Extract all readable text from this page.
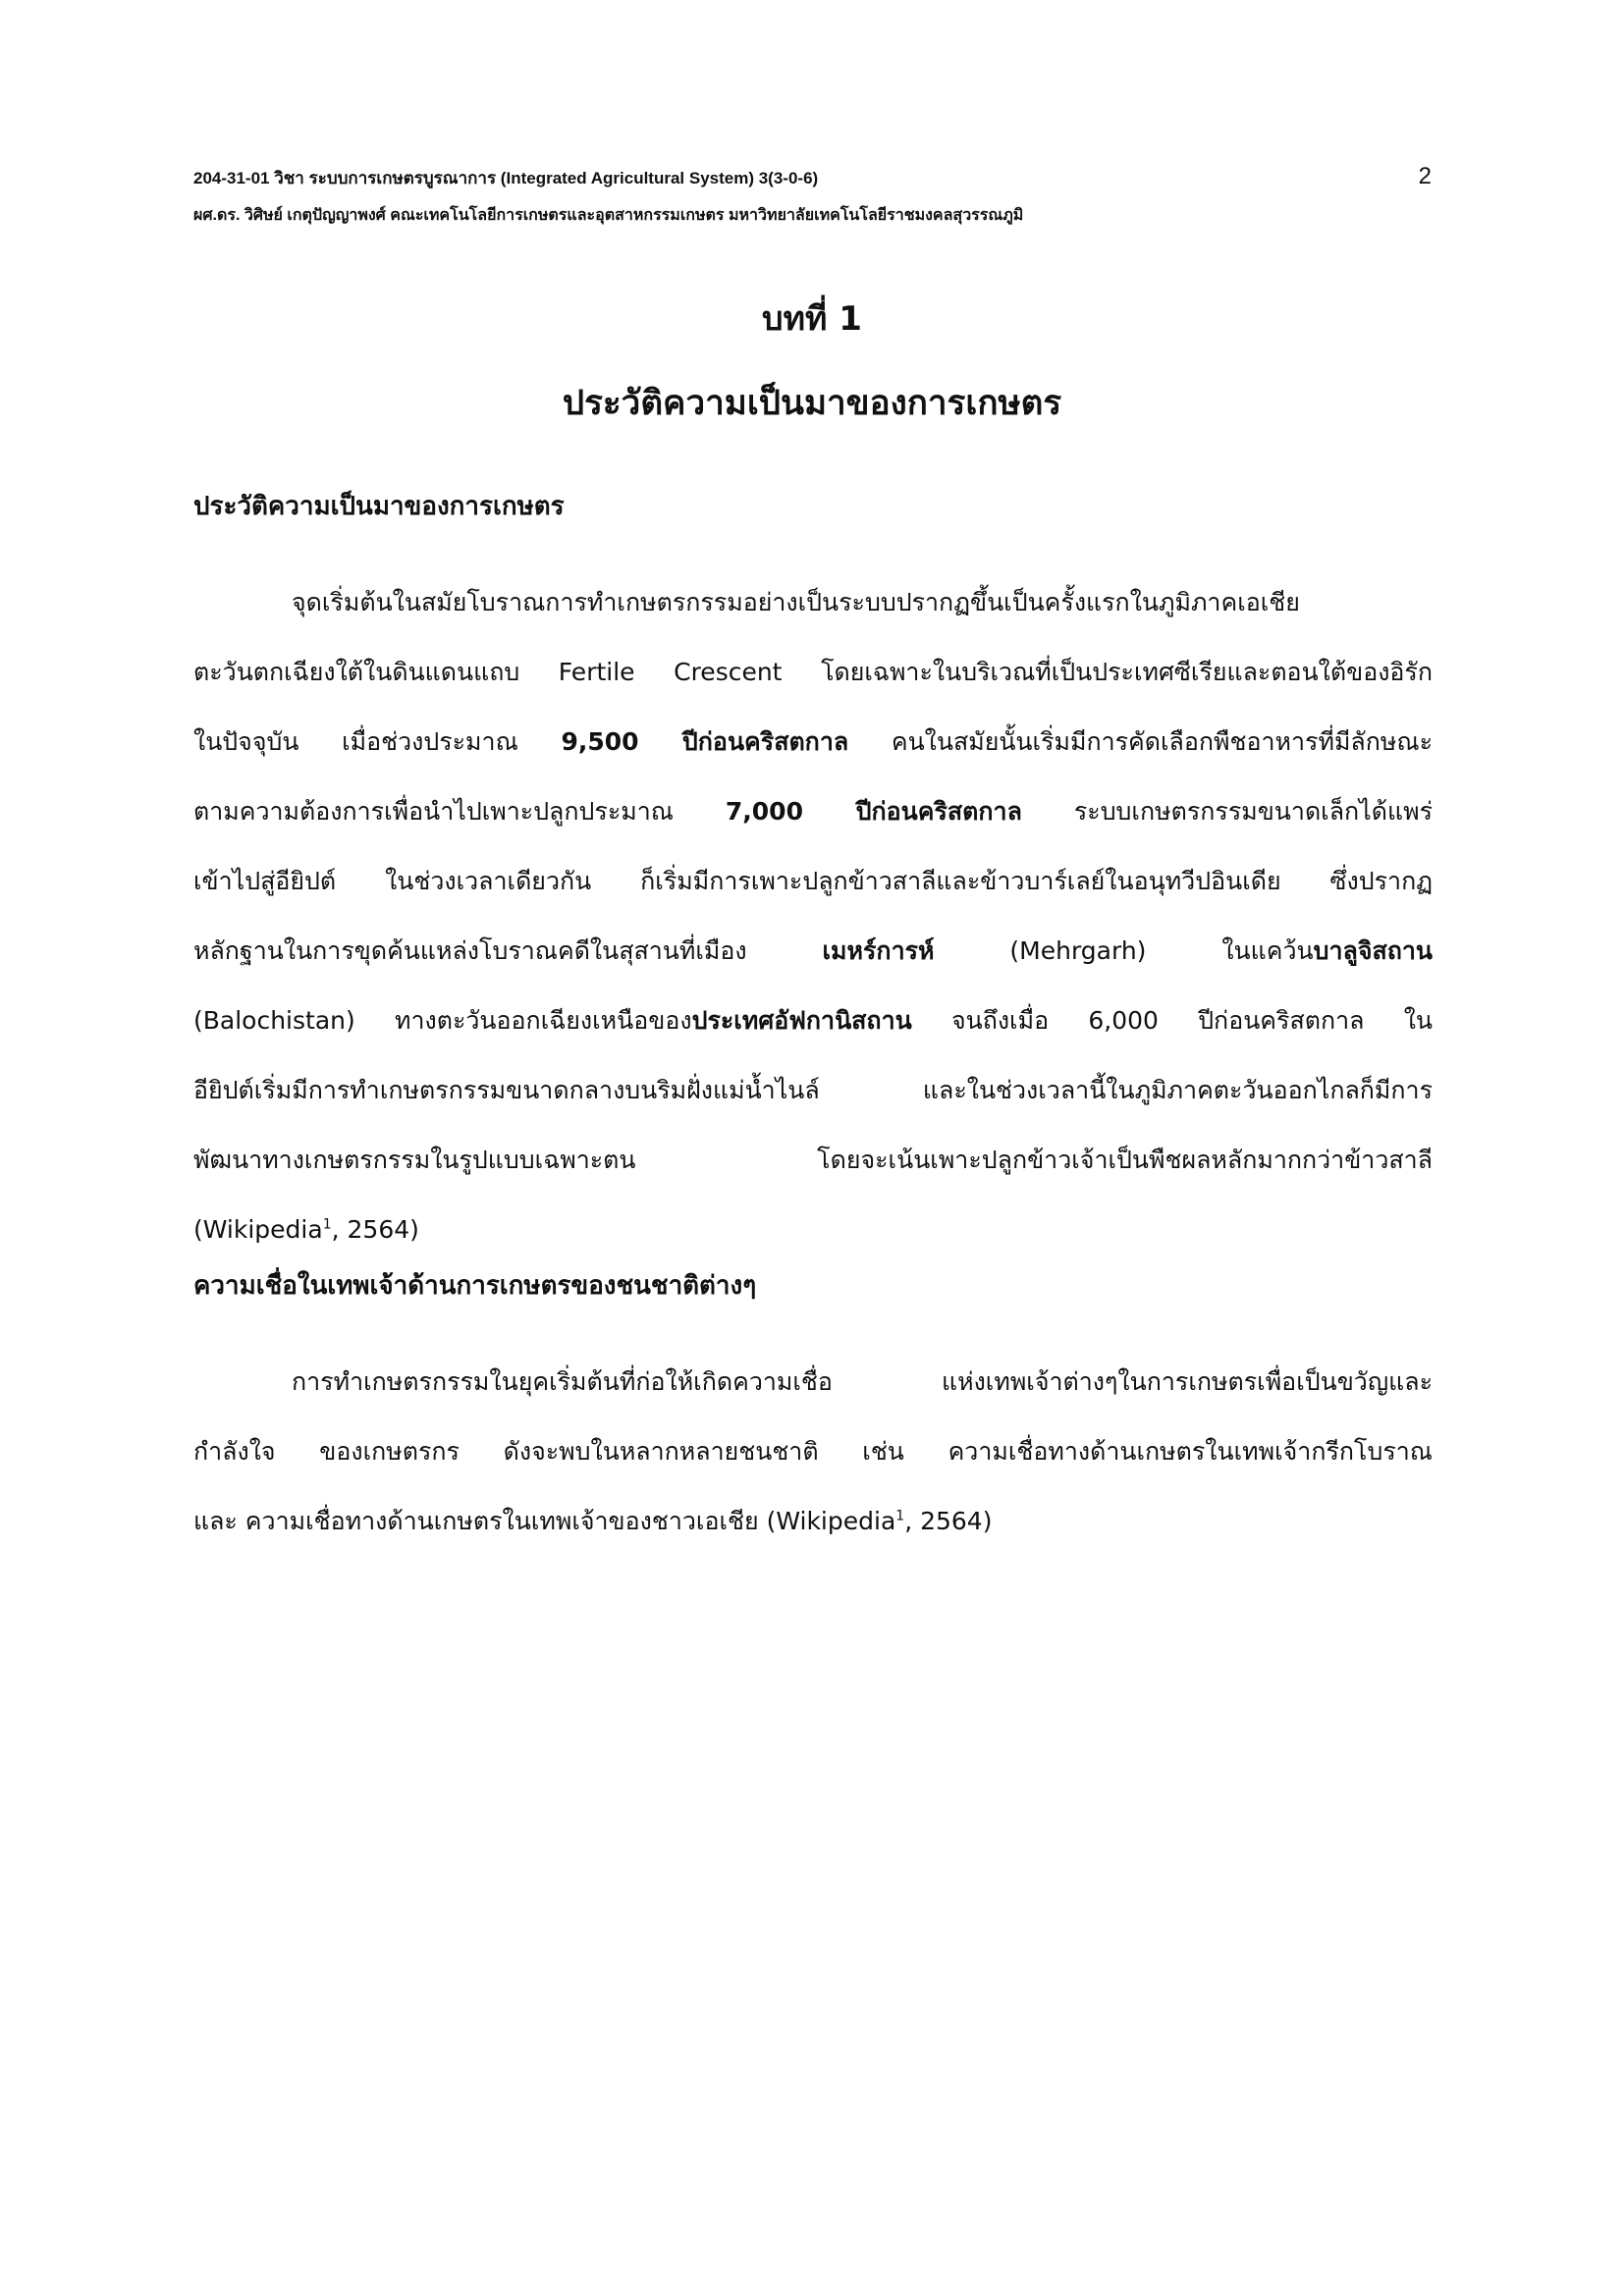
204-31-01 วิชา ระบบการเกษตรบูรณาการ (Integrated Agricultural System) 3(3-0-6)
ผศ.ดร. วิศิษย์ เกตุปัญญาพงศ์ คณะเทคโนโลยีการเกษตรและอุตสาหกรรมเกษตร มหาวิทยาลัยเทคโนโลยีราชมงคลสุวรรณภูมิ
2
บทที่ 1
ประวัติความเป็นมาของการเกษตร
ประวัติความเป็นมาของการเกษตร
จุดเริ่มต้นในสมัยโบราณการทำเกษตรกรรมอย่างเป็นระบบปรากฏขึ้นเป็นครั้งแรกในภูมิภาคเอเชีย
ตะวันตกเฉียงใต้ในดินแดนแถบ Fertile Crescent โดยเฉพาะในบริเวณที่เป็นประเทศซีเรียและตอนใต้ของอิรัก
ในปัจจุบัน เมื่อช่วงประมาณ 9,500 ปีก่อนคริสตกาล คนในสมัยนั้นเริ่มมีการคัดเลือกพืชอาหารที่มีลักษณะ
ตามความต้องการเพื่อนำไปเพาะปลูกประมาณ 7,000 ปีก่อนคริสตกาล ระบบเกษตรกรรมขนาดเล็กได้แพร่
เข้าไปสู่อียิปต์ ในช่วงเวลาเดียวกัน ก็เริ่มมีการเพาะปลูกข้าวสาลีและข้าวบาร์เลย์ในอนุทวีปอินเดีย ซึ่งปรากฏ
หลักฐานในการขุดค้นแหล่งโบราณคดีในสุสานที่เมือง เมหร์การห์ (Mehrgarh) ในแคว้นบาลูจิสถาน
(Balochistan) ทางตะวันออกเฉียงเหนือของประเทศอัฟกานิสถาน จนถึงเมื่อ 6,000 ปีก่อนคริสตกาล ใน
อียิปต์เริ่มมีการทำเกษตรกรรมขนาดกลางบนริมฝั่งแม่น้ำไนล์ และในช่วงเวลานี้ในภูมิภาคตะวันออกไกลก็มีการ
พัฒนาทางเกษตรกรรมในรูปแบบเฉพาะตน โดยจะเน้นเพาะปลูกข้าวเจ้าเป็นพืชผลหลักมากกว่าข้าวสาลี
(Wikipedia$^1$, 2564)
ความเชื่อในเทพเจ้าด้านการเกษตรของชนชาติต่างๆ
การทำเกษตรกรรมในยุคเริ่มต้นที่ก่อให้เกิดความเชื่อ แห่งเทพเจ้าต่างๆในการเกษตรเพื่อเป็นขวัญและ
กำลังใจ ของเกษตรกร ดังจะพบในหลากหลายชนชาติ เช่น ความเชื่อทางด้านเกษตรในเทพเจ้ากรีกโบราณ
และ ความเชื่อทางด้านเกษตรในเทพเจ้าของชาวเอเชีย (Wikipedia$^1$, 2564)
